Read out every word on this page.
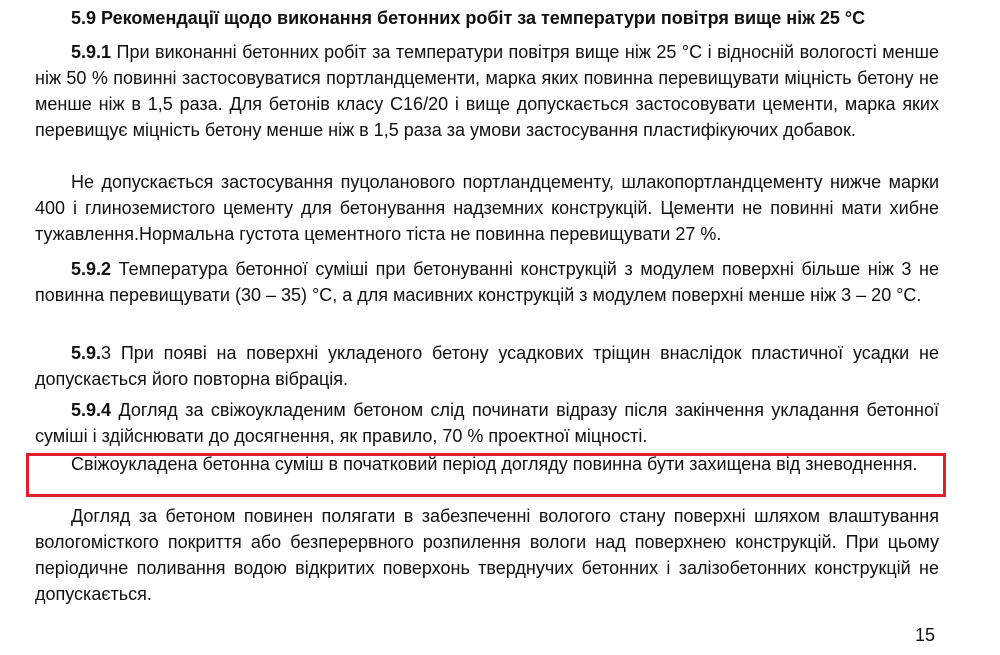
5.9 Рекомендації щодо виконання бетонних робіт за температури повітря вище ніж 25 °С
5.9.1 При виконанні бетонних робіт за температури повітря вище ніж 25 °С і відносній вологості менше ніж 50 % повинні застосовуватися портландцементи, марка яких повинна перевищувати міцність бетону не менше ніж в 1,5 раза. Для бетонів класу С16/20 і вище допускається застосовувати цементи, марка яких перевищує міцність бетону менше ніж в 1,5 раза за умови застосування пластифікуючих добавок.
Не допускається застосування пуцоланового портландцементу, шлакопортландцементу нижче марки 400 і глиноземистого цементу для бетонування надземних конструкцій. Цементи не повинні мати хибне тужавлення.Нормальна густота цементного тіста не повинна перевищувати 27 %.
5.9.2 Температура бетонної суміші при бетонуванні конструкцій з модулем поверхні більше ніж 3 не повинна перевищувати (30 – 35) °С, а для масивних конструкцій з модулем поверхні менше ніж 3 – 20 °С.
5.9.3 При появі на поверхні укладеного бетону усадкових тріщин внаслідок пластичної усадки не допускається його повторна вібрація.
5.9.4 Догляд за свіжоукладеним бетоном слід починати відразу після закінчення укладання бетонної суміші і здійснювати до досягнення, як правило, 70 % проектної міцності.
Свіжоукладена бетонна суміш в початковий період догляду повинна бути захищена від зневоднення.
Догляд за бетоном повинен полягати в забезпеченні вологого стану поверхні шляхом влаштування вологомісткого покриття або безперервного розпилення вологи над поверхнею конструкцій. При цьому періодичне поливання водою відкритих поверхонь тверднучих бетонних і залізобетонних конструкцій не допускається.
15
